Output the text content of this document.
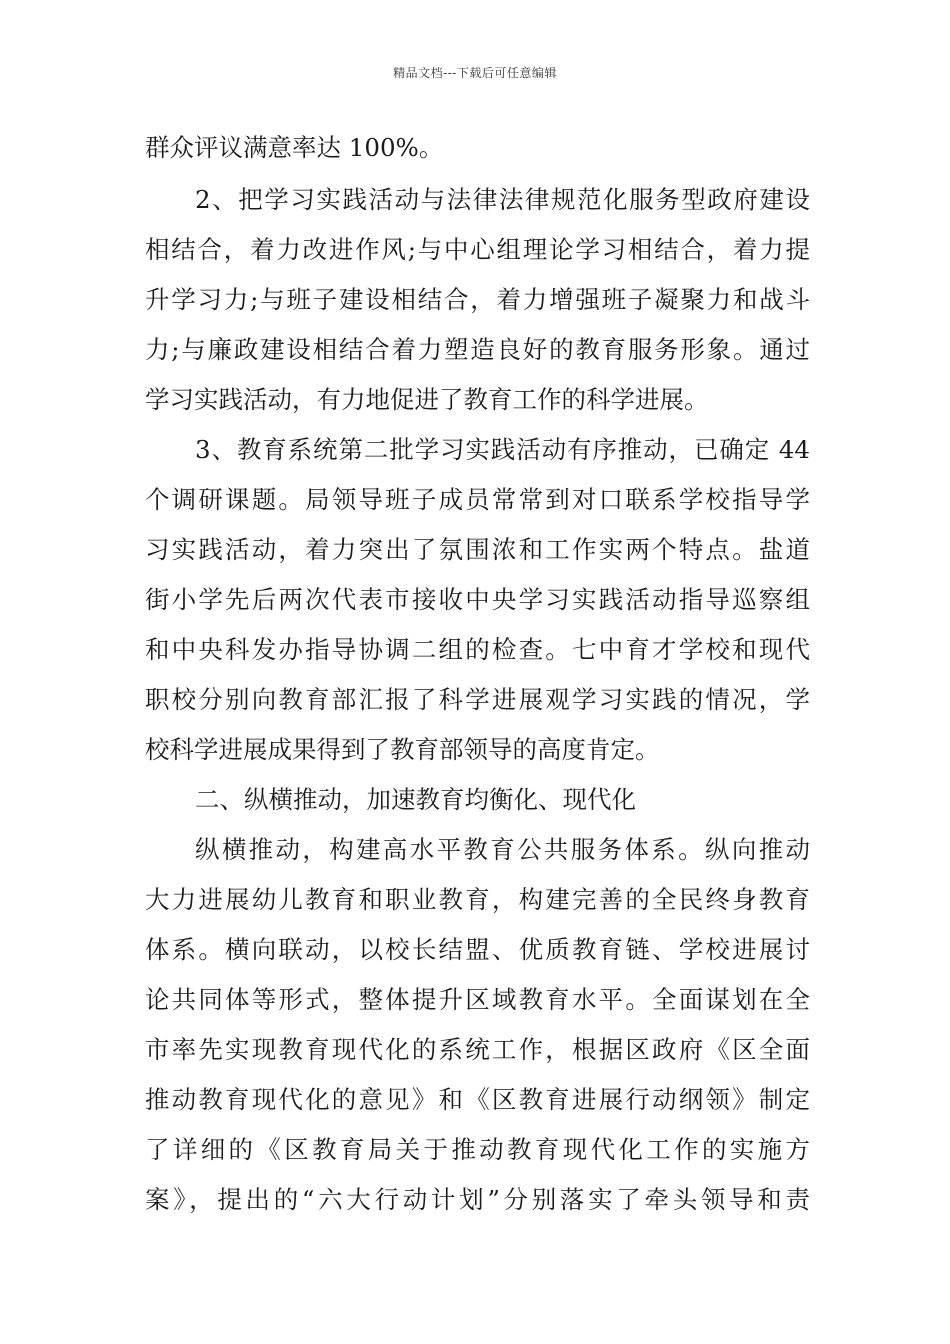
精品文档---下载后可任意编辑
群众评议满意率达 100%。
2、把学习实践活动与法律法律规范化服务型政府建设
相结合，着力改进作风;与中心组理论学习相结合，着力提
升学习力;与班子建设相结合，着力增强班子凝聚力和战斗
力;与廉政建设相结合着力塑造良好的教育服务形象。通过
学习实践活动，有力地促进了教育工作的科学进展。
3、教育系统第二批学习实践活动有序推动，已确定 44
个调研课题。局领导班子成员常常到对口联系学校指导学
习实践活动，着力突出了氛围浓和工作实两个特点。盐道
街小学先后两次代表市接收中央学习实践活动指导巡察组
和中央科发办指导协调二组的检查。七中育才学校和现代
职校分别向教育部汇报了科学进展观学习实践的情况，学
校科学进展成果得到了教育部领导的高度肯定。
二、纵横推动，加速教育均衡化、现代化
纵横推动，构建高水平教育公共服务体系。纵向推动
大力进展幼儿教育和职业教育，构建完善的全民终身教育
体系。横向联动，以校长结盟、优质教育链、学校进展讨
论共同体等形式，整体提升区域教育水平。全面谋划在全
市率先实现教育现代化的系统工作，根据区政府《区全面
推动教育现代化的意见》和《区教育进展行动纲领》制定
了详细的《区教育局关于推动教育现代化工作的实施方
案》，提出的“六大行动计划”分别落实了牵头领导和责
